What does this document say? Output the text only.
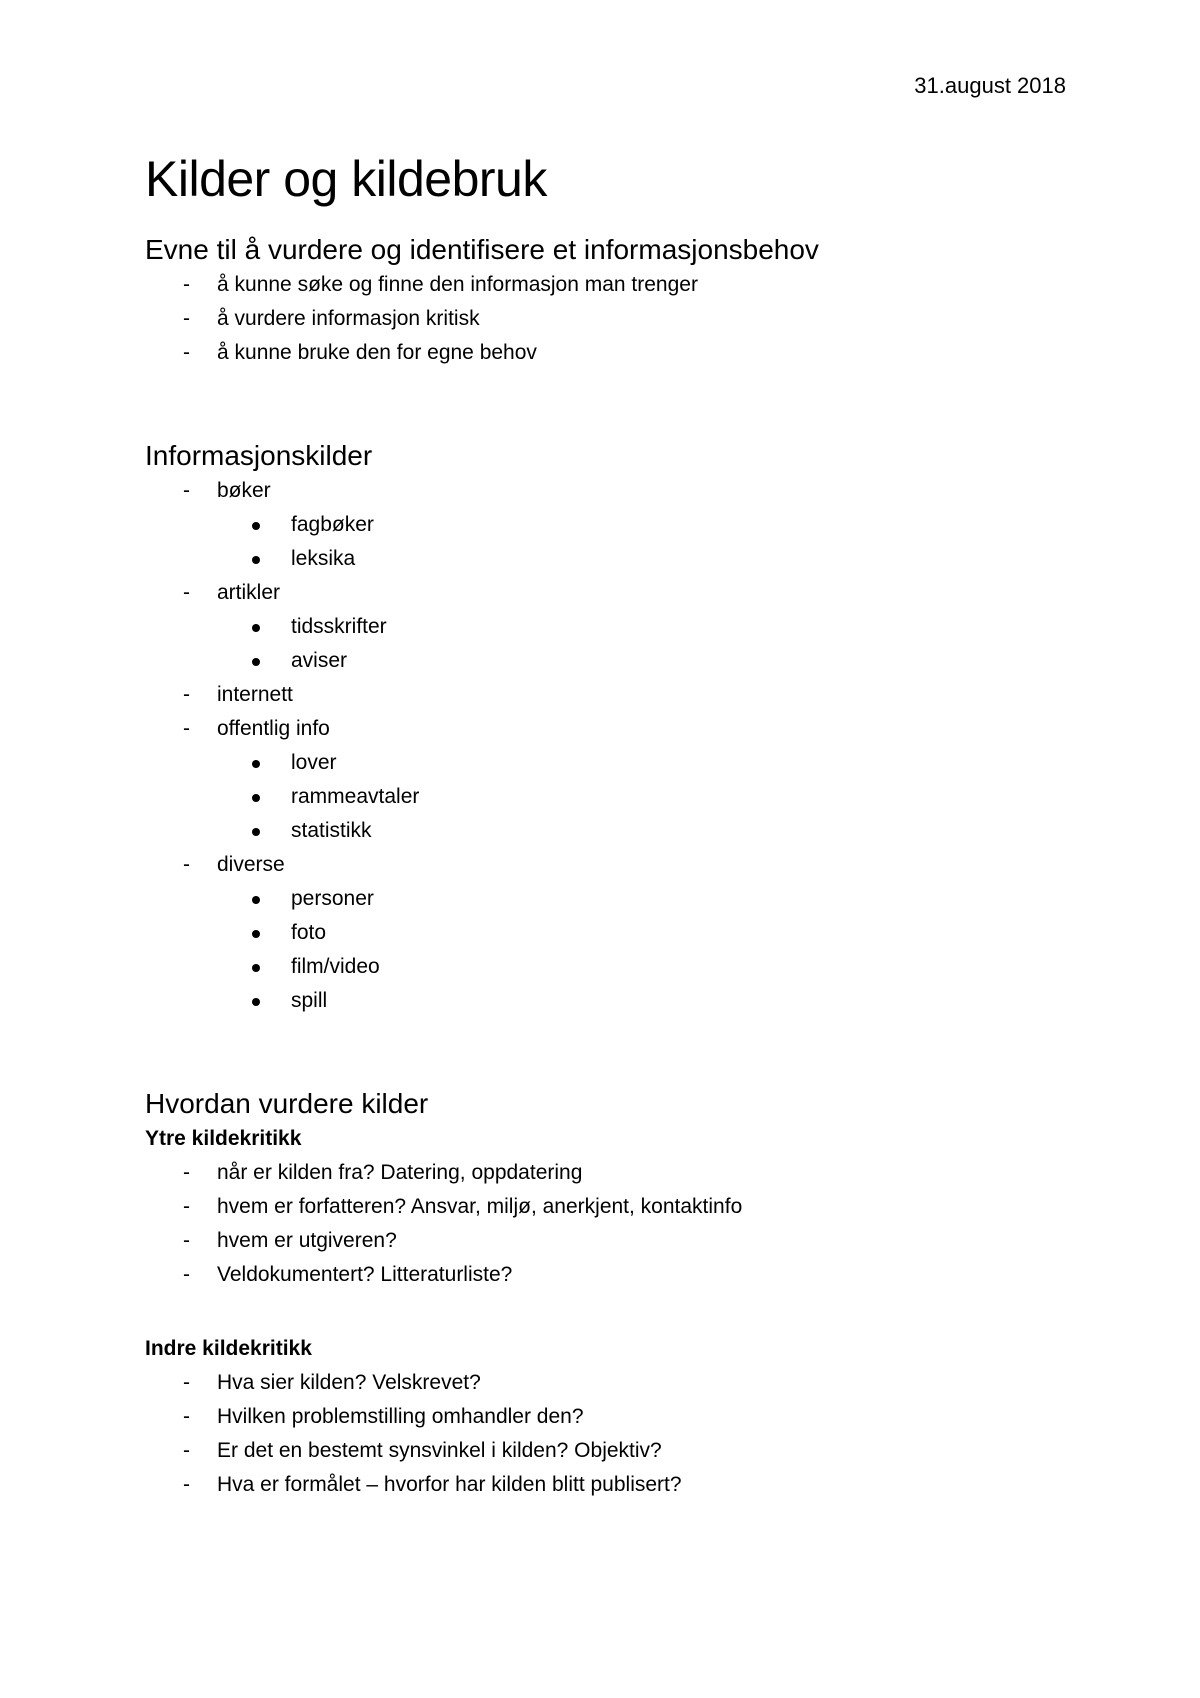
31.august 2018
Kilder og kildebruk
Evne til å vurdere og identifisere et informasjonsbehov
- å kunne søke og finne den informasjon man trenger
- å vurdere informasjon kritisk
- å kunne bruke den for egne behov
Informasjonskilder
- bøker
fagbøker
leksika
- artikler
tidsskrifter
aviser
- internett
- offentlig info
lover
rammeavtaler
statistikk
- diverse
personer
foto
film/video
spill
Hvordan vurdere kilder
Ytre kildekritikk
- når er kilden fra? Datering, oppdatering
- hvem er forfatteren? Ansvar, miljø, anerkjent, kontaktinfo
- hvem er utgiveren?
- Veldokumentert? Litteraturliste?
Indre kildekritikk
- Hva sier kilden? Velskrevet?
- Hvilken problemstilling omhandler den?
- Er det en bestemt synsvinkel i kilden? Objektiv?
- Hva er formålet – hvorfor har kilden blitt publisert?
